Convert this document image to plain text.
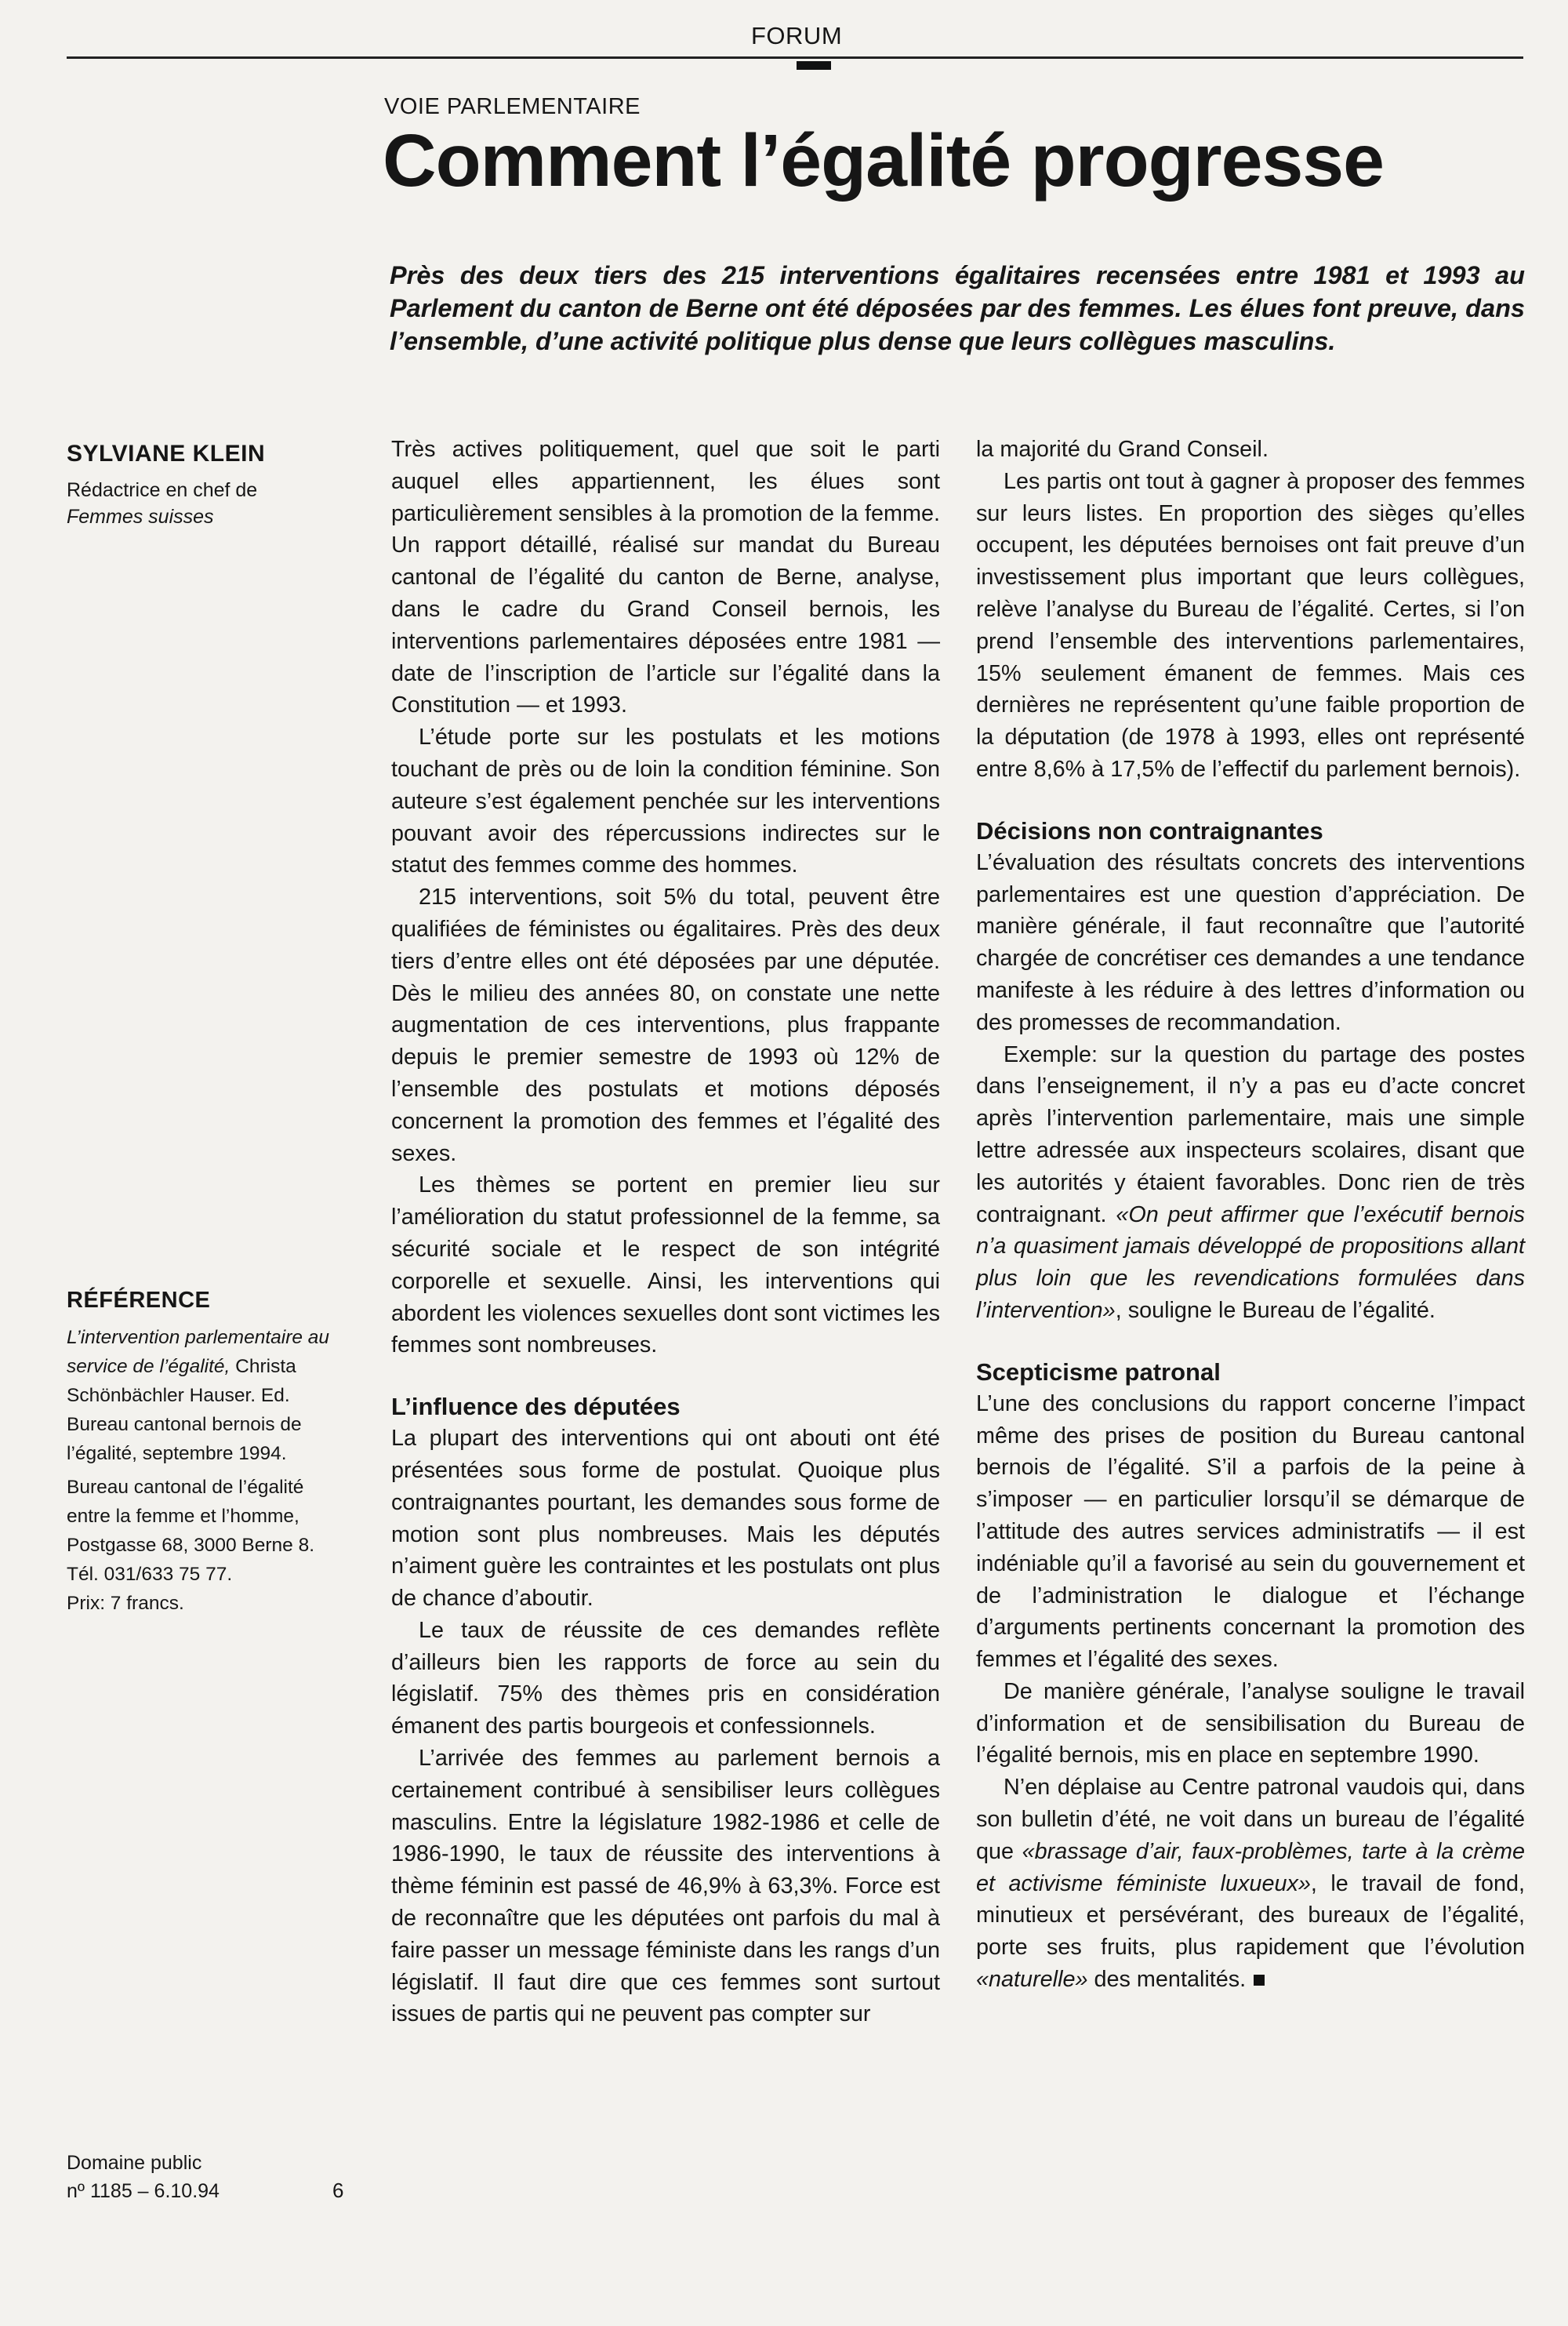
FORUM
VOIE PARLEMENTAIRE
Comment l’égalité progresse
Près des deux tiers des 215 interventions égalitaires recensées entre 1981 et 1993 au Parlement du canton de Berne ont été déposées par des femmes. Les élues font preuve, dans l’ensemble, d’une activité politique plus dense que leurs collègues masculins.
SYLVIANE KLEIN
Rédactrice en chef de
Femmes suisses
RÉFÉRENCE
L’intervention parlementaire au service de l’égalité, Christa Schönbächler Hauser. Ed. Bureau cantonal bernois de l’égalité, septembre 1994.
Bureau cantonal de l’égalité entre la femme et l’homme, Postgasse 68, 3000 Berne 8.
Tél. 031/633 75 77.
Prix: 7 francs.
Domaine public
nº 1185 – 6.10.94	6

Très actives politiquement, quel que soit le parti auquel elles appartiennent, les élues sont particulièrement sensibles à la promotion de la femme. Un rapport détaillé, réalisé sur mandat du Bureau cantonal de l’égalité du canton de Berne, analyse, dans le cadre du Grand Conseil bernois, les interventions parlementaires déposées entre 1981 — date de l’inscription de l’article sur l’égalité dans la Constitution — et 1993.

L’étude porte sur les postulats et les motions touchant de près ou de loin la condition féminine. Son auteure s’est également penchée sur les interventions pouvant avoir des répercussions indirectes sur le statut des femmes comme des hommes.

215 interventions, soit 5% du total, peuvent être qualifiées de féministes ou égalitaires. Près des deux tiers d’entre elles ont été déposées par une députée. Dès le milieu des années 80, on constate une nette augmentation de ces interventions, plus frappante depuis le premier semestre de 1993 où 12% de l’ensemble des postulats et motions déposés concernent la promotion des femmes et l’égalité des sexes.

Les thèmes se portent en premier lieu sur l’amélioration du statut professionnel de la femme, sa sécurité sociale et le respect de son intégrité corporelle et sexuelle. Ainsi, les interventions qui abordent les violences sexuelles dont sont victimes les femmes sont nombreuses.

L’influence des députées

La plupart des interventions qui ont abouti ont été présentées sous forme de postulat. Quoique plus contraignantes pourtant, les demandes sous forme de motion sont plus nombreuses. Mais les députés n’aiment guère les contraintes et les postulats ont plus de chance d’aboutir.

Le taux de réussite de ces demandes reflète d’ailleurs bien les rapports de force au sein du législatif. 75% des thèmes pris en considération émanent des partis bourgeois et confessionnels.

L’arrivée des femmes au parlement bernois a certainement contribué à sensibiliser leurs collègues masculins. Entre la législature 1982-1986 et celle de 1986-1990, le taux de réussite des interventions à thème féminin est passé de 46,9% à 63,3%. Force est de reconnaître que les députées ont parfois du mal à faire passer un message féministe dans les rangs d’un législatif. Il faut dire que ces femmes sont surtout issues de partis qui ne peuvent pas compter sur

la majorité du Grand Conseil.

Les partis ont tout à gagner à proposer des femmes sur leurs listes. En proportion des sièges qu’elles occupent, les députées bernoises ont fait preuve d’un investissement plus important que leurs collègues, relève l’analyse du Bureau de l’égalité. Certes, si l’on prend l’ensemble des interventions parlementaires, 15% seulement émanent de femmes. Mais ces dernières ne représentent qu’une faible proportion de la députation (de 1978 à 1993, elles ont représenté entre 8,6% à 17,5% de l’effectif du parlement bernois).

Décisions non contraignantes

L’évaluation des résultats concrets des interventions parlementaires est une question d’appréciation. De manière générale, il faut reconnaître que l’autorité chargée de concrétiser ces demandes a une tendance manifeste à les réduire à des lettres d’information ou des promesses de recommandation.

Exemple: sur la question du partage des postes dans l’enseignement, il n’y a pas eu d’acte concret après l’intervention parlementaire, mais une simple lettre adressée aux inspecteurs scolaires, disant que les autorités y étaient favorables. Donc rien de très contraignant. «On peut affirmer que l’exécutif bernois n’a quasiment jamais développé de propositions allant plus loin que les revendications formulées dans l’intervention», souligne le Bureau de l’égalité.

Scepticisme patronal

L’une des conclusions du rapport concerne l’impact même des prises de position du Bureau cantonal bernois de l’égalité. S’il a parfois de la peine à s’imposer — en particulier lorsqu’il se démarque de l’attitude des autres services administratifs — il est indéniable qu’il a favorisé au sein du gouvernement et de l’administration le dialogue et l’échange d’arguments pertinents concernant la promotion des femmes et l’égalité des sexes.

De manière générale, l’analyse souligne le travail d’information et de sensibilisation du Bureau de l’égalité bernois, mis en place en septembre 1990.

N’en déplaise au Centre patronal vaudois qui, dans son bulletin d’été, ne voit dans un bureau de l’égalité que «brassage d’air, faux-problèmes, tarte à la crème et activisme féministe luxueux», le travail de fond, minutieux et persévérant, des bureaux de l’égalité, porte ses fruits, plus rapidement que l’évolution «naturelle» des mentalités.
